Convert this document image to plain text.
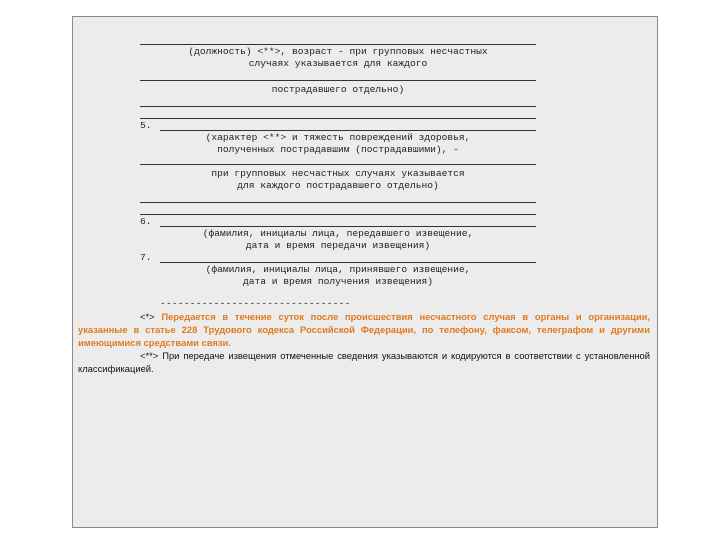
(должность) <**>, возраст - при групповых несчастных
случаях указывается для каждого
пострадавшего отдельно)
5.
(характер <**> и тяжесть повреждений здоровья,
полученных пострадавшим (пострадавшими), -
при групповых несчастных случаях указывается
для каждого пострадавшего отдельно)
6.
(фамилия, инициалы лица, передавшего извещение,
дата и время передачи извещения)
7.
(фамилия, инициалы лица, принявшего извещение,
дата и время получения извещения)
--------------------------------
<*> Передается в течение суток после происшествия несчастного случая в органы и организации, указанные в статье 228 Трудового кодекса Российской Федерации, по телефону, факсом, телеграфом и другими имеющимися средствами связи.
<**> При передаче извещения отмеченные сведения указываются и кодируются в соответствии с установленной классификацией.
